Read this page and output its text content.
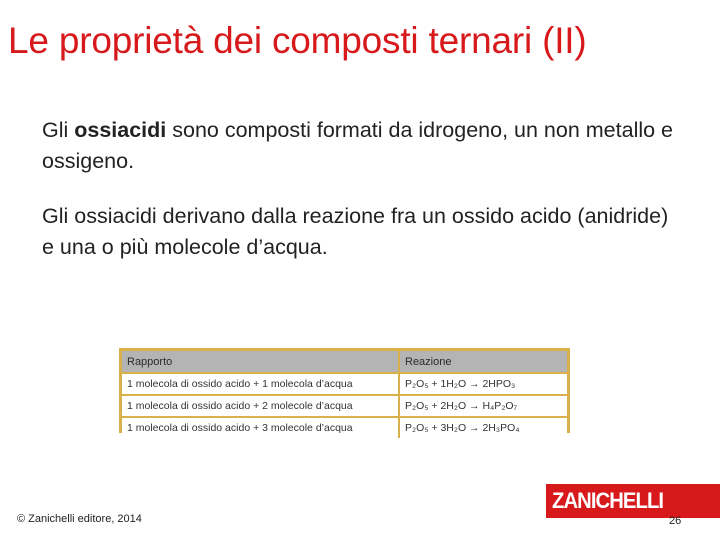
Le proprietà dei composti ternari (II)
Gli ossiacidi sono composti formati da idrogeno, un non metallo e ossigeno.
Gli ossiacidi derivano dalla reazione fra un ossido acido (anidride) e una o più molecole d’acqua.
Rapporto	Reazione
1 molecola di ossido acido + 1 molecola d’acqua	P₂O₅ + 1H₂O → 2HPO₃
1 molecola di ossido acido + 2 molecole d’acqua	P₂O₅ + 2H₂O → H₄P₂O₇
1 molecola di ossido acido + 3 molecole d’acqua	P₂O₅ + 3H₂O → 2H₃PO₄
© Zanichelli editore, 2014
ZANICHELLI
26
